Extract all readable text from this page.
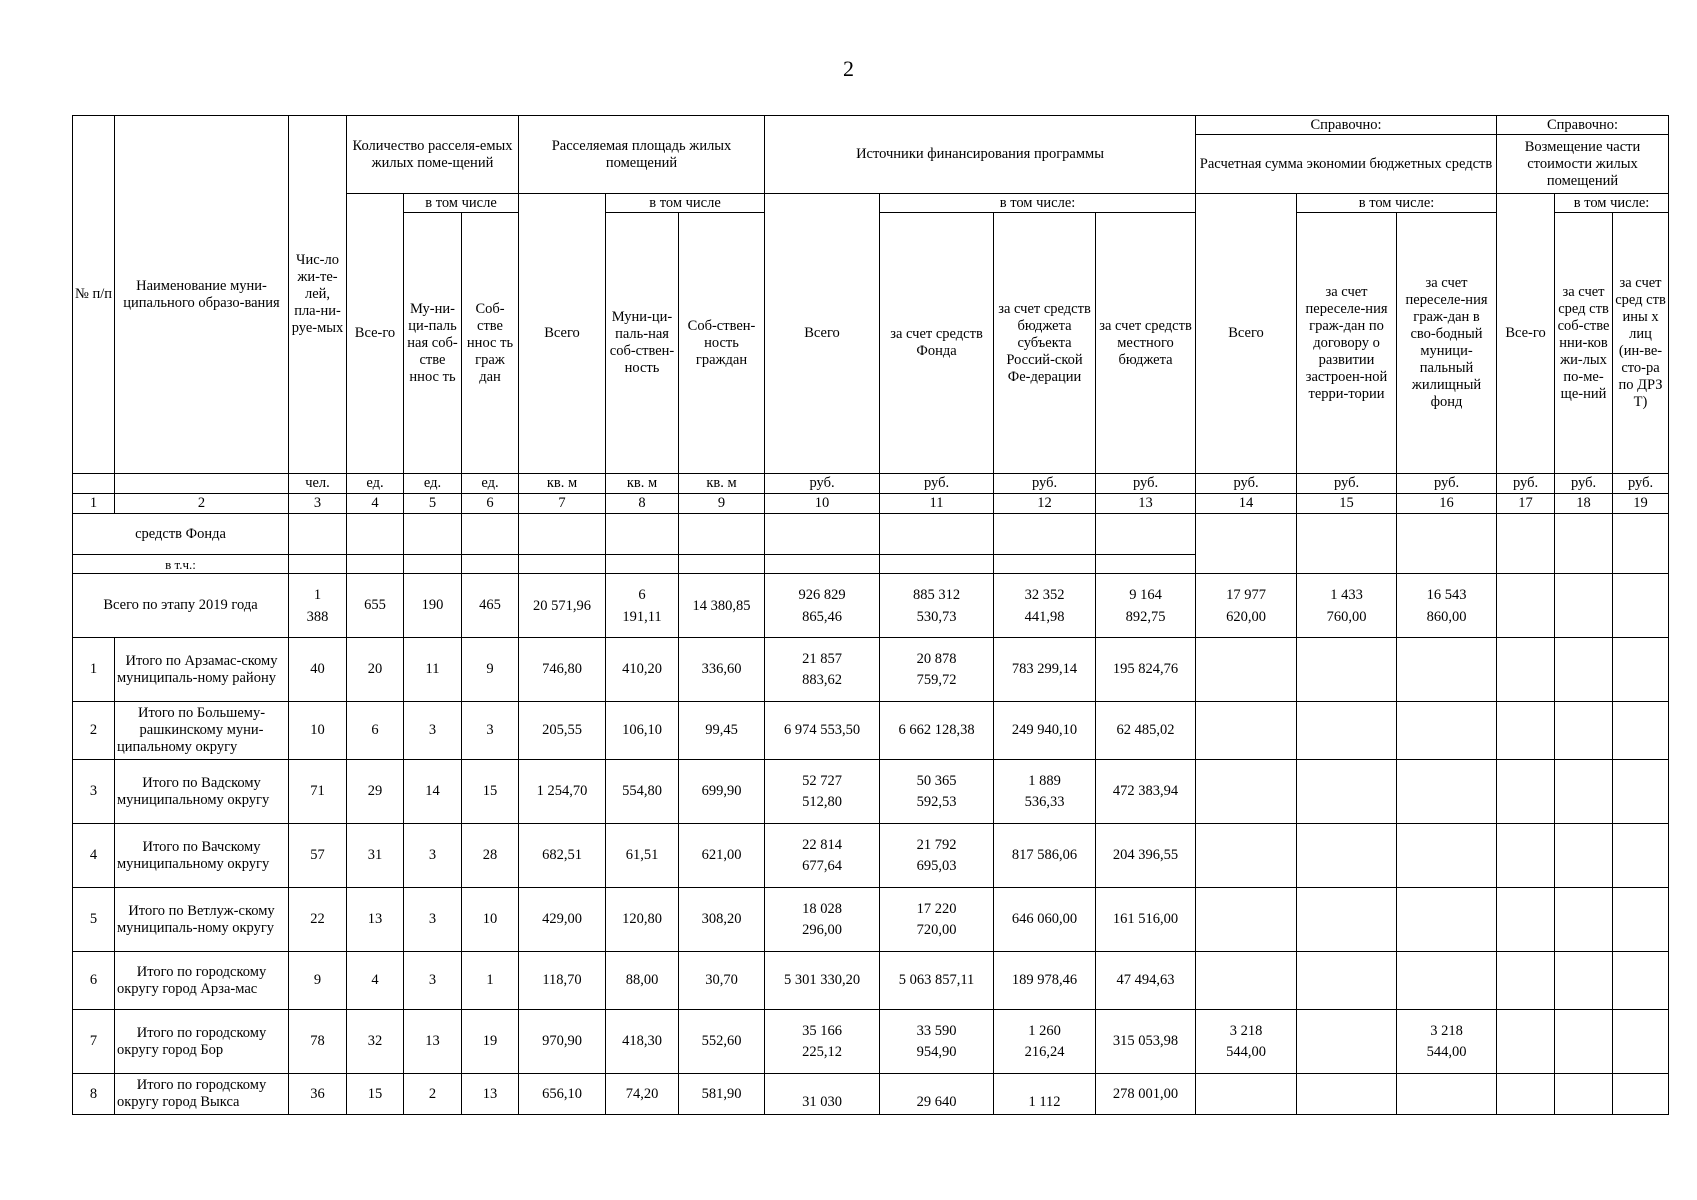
2
№ п/п	Наименование муни-ципального образо-вания	Чис-ло жи-те-лей, пла-ни-руе-мых	Количество расселя-емых жилых поме-щений			Расселяемая площадь жилых помещений			Источники финансирования программы				Справочно:			Справочно:		
													Расчетная сумма экономии бюджетных средств			Возмещение части стоимости жилых помещений		
			Все-го	в том числе		Всего	в том числе		Всего	в том числе:			Всего	в том числе:		Все-го	в том числе:	
				Му-ни-ци-паль ная соб-стве ннос ть	Соб-стве ннос ть граж дан		Муни-ци-паль-ная соб-ствен-ность	Соб-ствен-ность граждан		за счет средств Фонда	за счет средств бюджета субъекта Россий-ской Фе-дерации	за счет средств местного бюджета		за счет переселе-ния граж-дан по договору о развитии застроен-ной терри-тории	за счет переселе-ния граж-дан в сво-бодный муници-пальный жилищный фонд		за счет сред ств соб-стве нни-ков жи-лых по-ме-ще-ний	за счет сред ств ины х лиц (ин-ве-сто-ра по ДРЗ Т)
		чел.	ед.	ед.	ед.	кв. м	кв. м	кв. м	руб.	руб.	руб.	руб.	руб.	руб.	руб.	руб.	руб.	руб.
1	2	3	4	5	6	7	8	9	10	11	12	13	14	15	16	17	18	19
средств Фонда																		
в т.ч.:																		
Всего по этапу 2019 года		1 388	655	190	465	20 571,96	6 191,11	14 380,85	926 829 865,46	885 312 530,73	32 352 441,98	9 164 892,75	17 977 620,00	1 433 760,00	16 543 860,00			
1	Итого по Арзамас-скому муниципаль-ному району	40	20	11	9	746,80	410,20	336,60	21 857 883,62	20 878 759,72	783 299,14	195 824,76						
2	Итого по Большему-рашкинскому муни-ципальному округу	10	6	3	3	205,55	106,10	99,45	6 974 553,50	6 662 128,38	249 940,10	62 485,02						
3	Итого по Вадскому муниципальному округу	71	29	14	15	1 254,70	554,80	699,90	52 727 512,80	50 365 592,53	1 889 536,33	472 383,94						
4	Итого по Вачскому муниципальному округу	57	31	3	28	682,51	61,51	621,00	22 814 677,64	21 792 695,03	817 586,06	204 396,55						
5	Итого по Ветлуж-скому муниципаль-ному округу	22	13	3	10	429,00	120,80	308,20	18 028 296,00	17 220 720,00	646 060,00	161 516,00						
6	Итого по городскому округу город Арза-мас	9	4	3	1	118,70	88,00	30,70	5 301 330,20	5 063 857,11	189 978,46	47 494,63						
7	Итого по городскому округу город Бор	78	32	13	19	970,90	418,30	552,60	35 166 225,12	33 590 954,90	1 260 216,24	315 053,98	3 218 544,00		3 218 544,00			
8	Итого по городскому округу город Выкса	36	15	2	13	656,10	74,20	581,90	31 030	29 640	1 112	278 001,00						
